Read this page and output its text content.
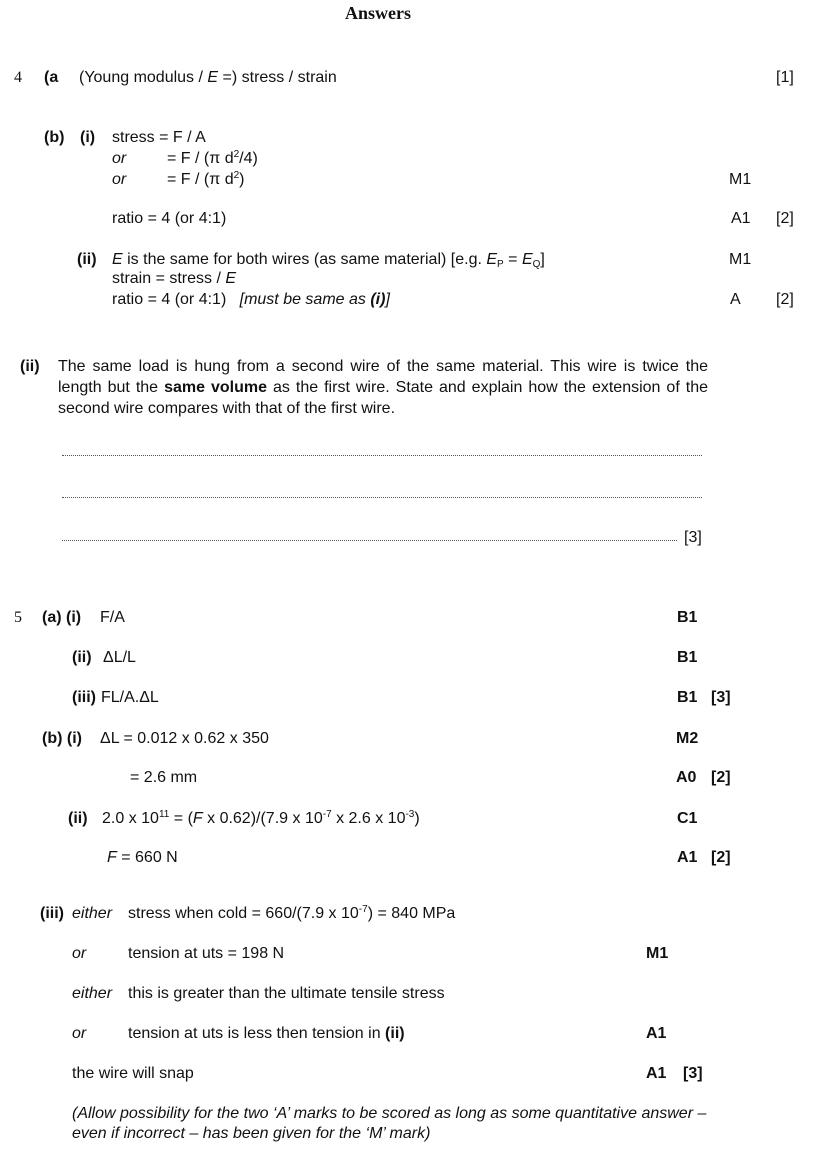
Answers
4 (a (Young modulus / E =) stress / strain	[1]
(b) (i) stress = F / A
or	= F / (π $d^2/4$)
or	= F / (π $d^2$)	M1
ratio = 4 (or 4:1)	A1 [2]
(ii) E is the same for both wires (as same material) [e.g. $E_P = E_Q$]	M1
strain = stress / E
ratio = 4 (or 4:1) [must be same as (i)]	A [2]
(ii) The same load is hung from a second wire of the same material. This wire is twice the length but the same volume as the first wire. State and explain how the extension of the second wire compares with that of the first wire.
[3]
5 (a) (i) F/A	B1
(ii) ΔL/L	B1
(iii) FL/A.ΔL	B1 [3]
(b) (i) ΔL = 0.012 x 0.62 x 350	M2
= 2.6 mm	A0 [2]
(ii) 2.0 x $10^{11} = (F$ x 0.62)/(7.9 x $10^{-7}$ x 2.6 x $10^{-3}$)	C1
F = 660 N	A1 [2]
(iii) either stress when cold = 660/(7.9 x $10^{-7}) = 840$ MPa
or	tension at uts = 198 N	M1
either this is greater than the ultimate tensile stress
or	tension at uts is less then tension in (ii)	A1
the wire will snap	A1 [3]
(Allow possibility for the two ‘A’ marks to be scored as long as some quantitative answer – even if incorrect – has been given for the ‘M’ mark)
